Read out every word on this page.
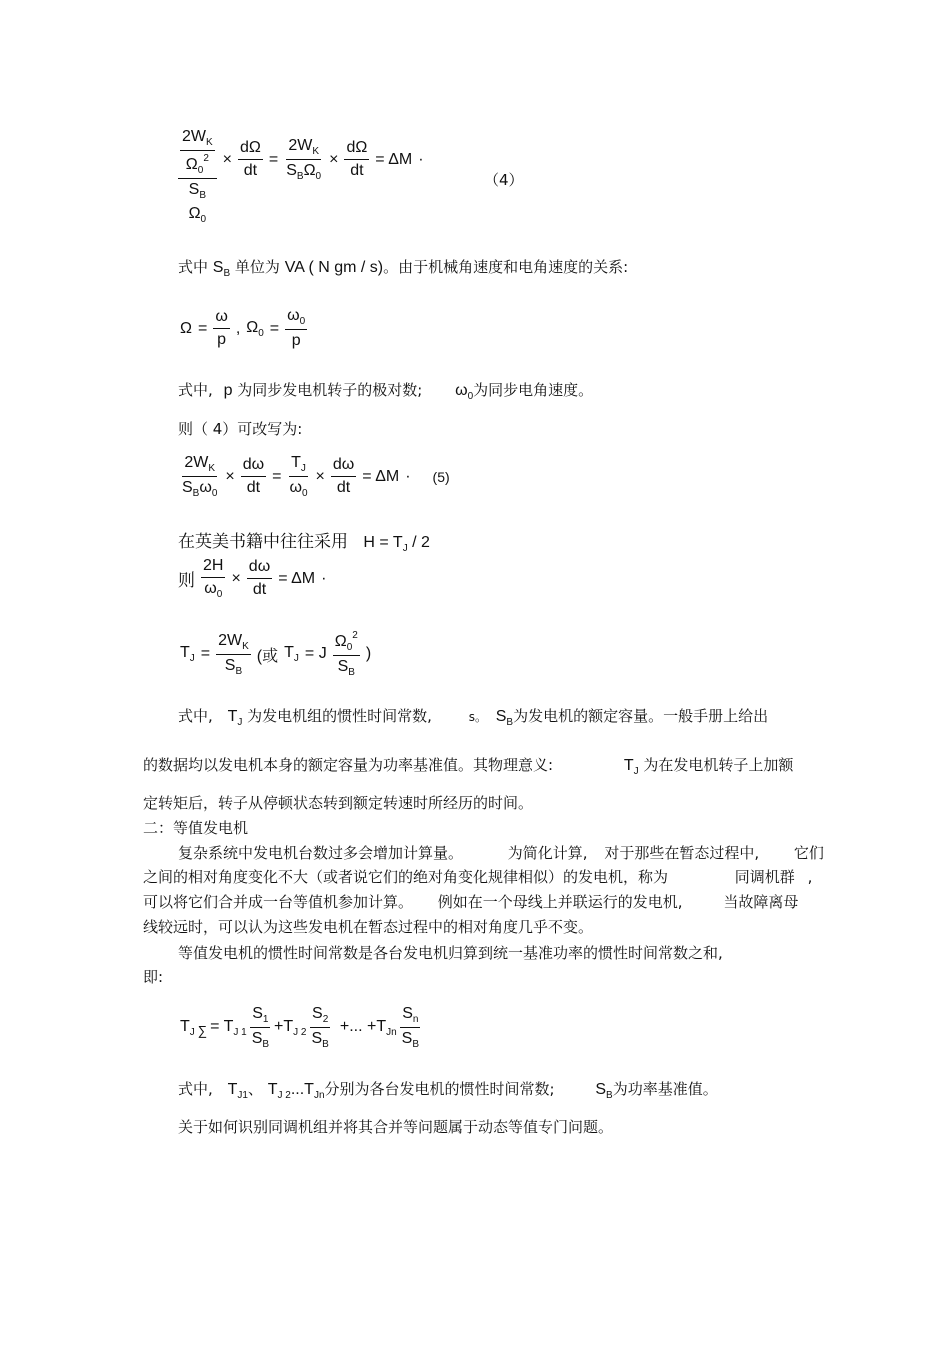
$\frac{2W_K}{\Omega_0^2}$
$S_B$
$\Omega_0 \times \frac{d\Omega}{dt} = \frac{2W_K}{S_B\Omega_0} \times \frac{d\Omega}{dt} = \Delta M$ ·
（4）
式中 $S_B$ 单位为 VA ( N gm / s)。由于机械角速度和电角速度的关系:
$\Omega = \frac{\omega}{p}$ , $\Omega_0 = \frac{\omega_0}{p}$
式中, p 为同步发电机转子的极对数; $\omega_0$为同步电角速度。
则（ 4）可改写为:
$\frac{2W_K}{S_B\omega_0} \times \frac{d\omega}{dt} = \frac{T_J}{\omega_0} \times \frac{d\omega}{dt} = \Delta M \cdot (5)$
在英美书籍中往往采用 $H = T_J / 2$
则 $\frac{2H}{\omega_0} \times \frac{d\omega}{dt} = \Delta M$ ·
$T_J = \frac{2W_K}{S_B}$ (或 $T_J = J \frac{\Omega_0^2}{S_B}$ )
式中, $T_J$ 为发电机组的惯性时间常数,	s。 $S_B$为发电机的额定容量。一般手册上给出
的数据均以发电机本身的额定容量为功率基准值。其物理意义:	$T_J$ 为在发电机转子上加额
定转矩后，转子从停顿状态转到额定转速时所经历的时间。
二：等值发电机
复杂系统中发电机台数过多会增加计算量。	为简化计算, 对于那些在暂态过程中, 它们
之间的相对角度变化不大（或者说它们的绝对角变化规律相似）的发电机，称为	同调机群 ,
可以将它们合并成一台等值机参加计算。 例如在一个母线上并联运行的发电机,	当故障离母
线较远时，可以认为这些发电机在暂态过程中的相对角度几乎不变。
等值发电机的惯性时间常数是各台发电机归算到统一基准功率的惯性时间常数之和,
即:
$T_J$ ∑ = $T_{J 1} \frac{S_1}{S_B} +T_{J 2} \frac{S_2}{S_B}$ +... $+T_{Jn} \frac{S_n}{S_B}$
式中, $T_{J1}$、 $T_{J 2}...T_{Jn}$分别为各台发电机的惯性时间常数;	$S_B$为功率基准值。
关于如何识别同调机组并将其合并等问题属于动态等值专门问题。
